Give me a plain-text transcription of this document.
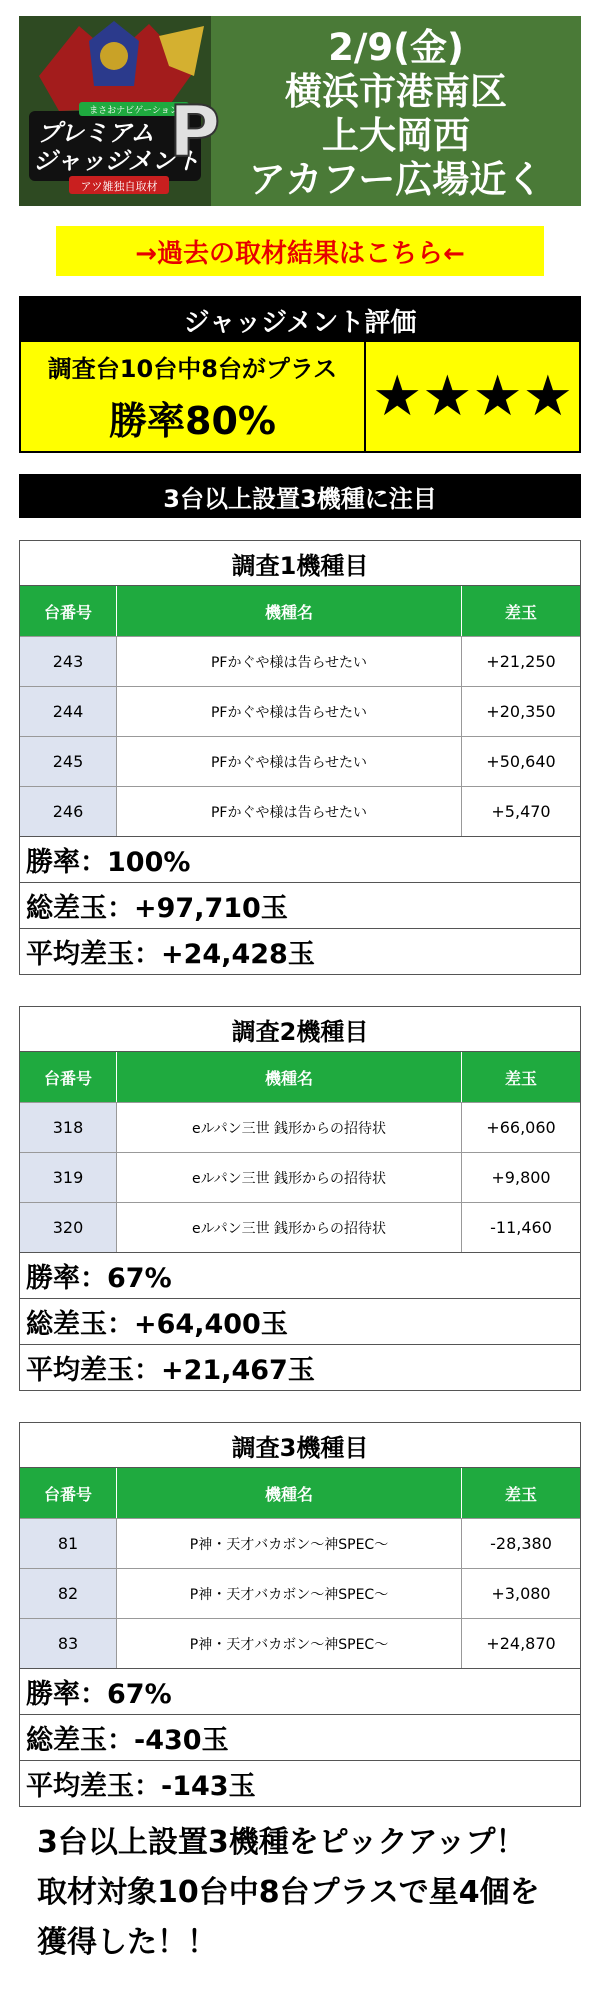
まさおナビゲーション
プレミアム
ジャッジメント
P
アツ雑独自取材
2/9(金)
横浜市港南区
上大岡西
アカフー広場近く
→過去の取材結果はこちら←
ジャッジメント評価
調査台10台中8台がプラス
勝率80% ★★★★
3台以上設置3機種に注目
調査1機種目
台番号	機種名	差玉
243	PFかぐや様は告らせたい	+21,250
244	PFかぐや様は告らせたい	+20,350
245	PFかぐや様は告らせたい	+50,640
246	PFかぐや様は告らせたい	+5,470
勝率：100%
総差玉：+97,710玉
平均差玉：+24,428玉
調査2機種目
台番号	機種名	差玉
318	eルパン三世 銭形からの招待状	+66,060
319	eルパン三世 銭形からの招待状	+9,800
320	eルパン三世 銭形からの招待状	-11,460
勝率：67%
総差玉：+64,400玉
平均差玉：+21,467玉
調査3機種目
台番号	機種名	差玉
81	P神・天才バカボン～神SPEC～	-28,380
82	P神・天才バカボン～神SPEC～	+3,080
83	P神・天才バカボン～神SPEC～	+24,870
勝率：67%
総差玉：-430玉
平均差玉：-143玉
3台以上設置3機種をピックアップ！
取材対象10台中8台プラスで星4個を
獲得した！！
